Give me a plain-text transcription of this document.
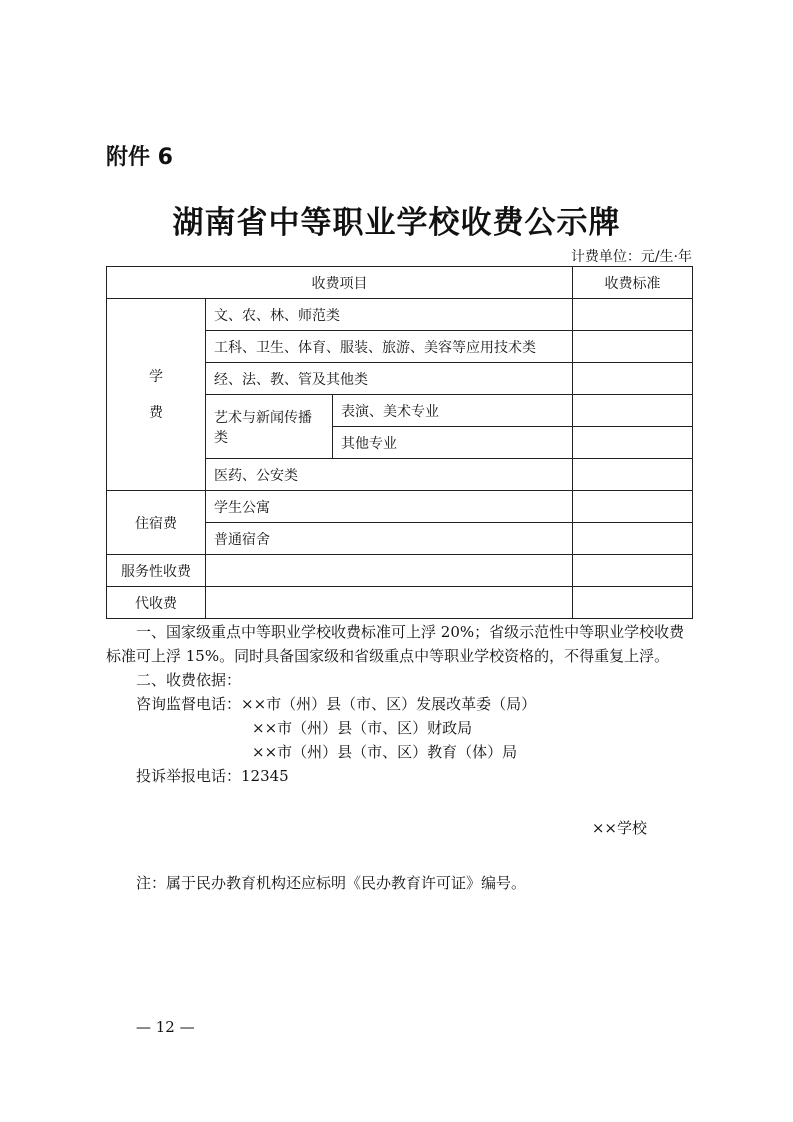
附件 6
湖南省中等职业学校收费公示牌
计费单位：元/生·年
收费项目			收费标准

学
费	文、农、林、师范类		
	工科、卫生、体育、服装、旅游、美容等应用技术类		
	经、法、教、管及其他类		
	艺术与新闻传播类	表演、美术专业	
		其他专业	
	医药、公安类		
住宿费	学生公寓		
	普通宿舍		
服务性收费			
代收费			

一、国家级重点中等职业学校收费标准可上浮 20%；省级示范性中等职业学校收费标准可上浮 15%。同时具备国家级和省级重点中等职业学校资格的，不得重复上浮。

二、收费依据：

咨询监督电话：××市（州）县（市、区）发展改革委（局）

××市（州）县（市、区）财政局

××市（州）县（市、区）教育（体）局

投诉举报电话：12345

××学校
注：属于民办教育机构还应标明《民办教育许可证》编号。
— 12 —
